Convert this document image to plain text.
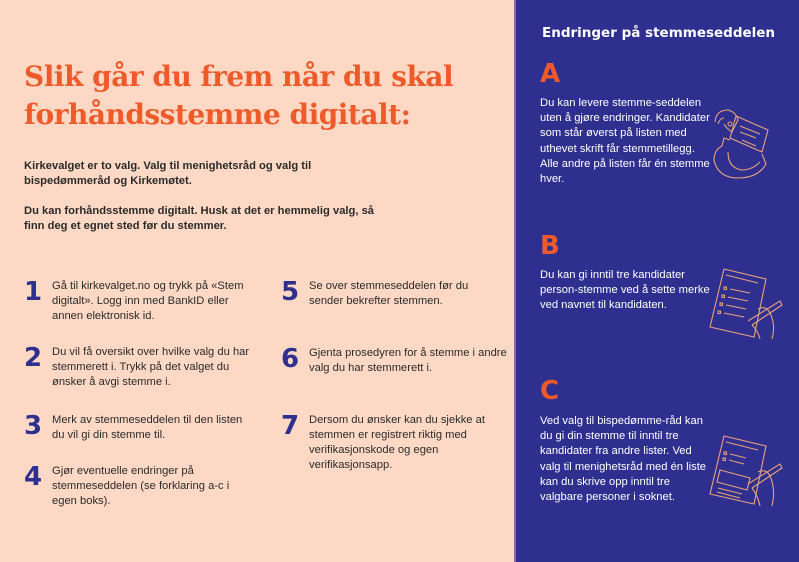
Slik går du frem når du skal
forhåndsstemme digitalt:

Kirkevalget er to valg. Valg til menighetsråd og valg til bispedømmeråd og Kirkemøtet.

Du kan forhåndsstemme digitalt. Husk at det er hemmelig valg, så finn deg et egnet sted før du stemmer.

1 Gå til kirkevalget.no og trykk på «Stem digitalt». Logg inn med BankID eller annen elektronisk id.
2 Du vil få oversikt over hvilke valg du har stemmerett i. Trykk på det valget du ønsker å avgi stemme i.
3 Merk av stemmeseddelen til den listen du vil gi din stemme til.
4 Gjør eventuelle endringer på stemmeseddelen (se forklaring a-c i egen boks).
5 Se over stemmeseddelen før du sender bekrefter stemmen.
6 Gjenta prosedyren for å stemme i andre valg du har stemmerett i.
7 Dersom du ønsker kan du sjekke at stemmen er registrert riktig med verifikasjonskode og egen verifikasjonsapp.
Endringer på stemmeseddelen
A

Du kan levere stemme-seddelen uten å gjøre endringer. Kandidater som står øverst på listen med uthevet skrift får stemmetillegg. Alle andre på listen får én stemme hver.

B

Du kan gi inntil tre kandidater person-stemme ved å sette merke ved navnet til kandidaten.

C

Ved valg til bispedømme-råd kan du gi din stemme til inntil tre kandidater fra andre lister. Ved valg til menighetsråd med én liste kan du skrive opp inntil tre valgbare personer i soknet.
